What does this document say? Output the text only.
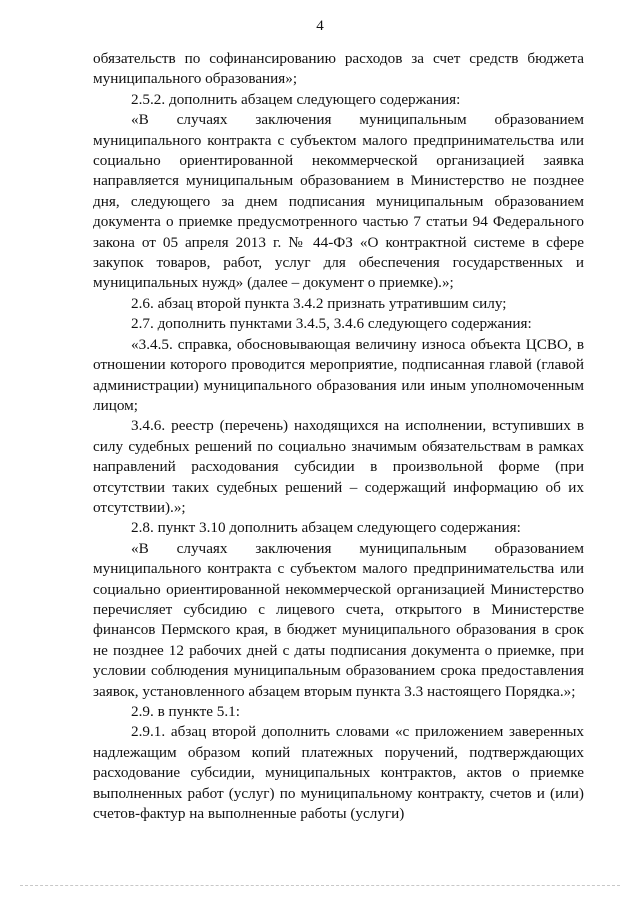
4

обязательств по софинансированию расходов за счет средств бюджета муниципального образования»;

2.5.2. дополнить абзацем следующего содержания:

«В случаях заключения муниципальным образованием муниципального контракта с субъектом малого предпринимательства или социально ориентированной некоммерческой организацией заявка направляется муниципальным образованием в Министерство не позднее дня, следующего за днем подписания муниципальным образованием документа о приемке предусмотренного частью 7 статьи 94 Федерального закона от 05 апреля 2013 г. № 44-ФЗ «О контрактной системе в сфере закупок товаров, работ, услуг для обеспечения государственных и муниципальных нужд» (далее – документ о приемке).»;

2.6. абзац второй пункта 3.4.2 признать утратившим силу;

2.7. дополнить пунктами 3.4.5, 3.4.6 следующего содержания:

«3.4.5. справка, обосновывающая величину износа объекта ЦСВО, в отношении которого проводится мероприятие, подписанная главой (главой администрации) муниципального образования или иным уполномоченным лицом;

3.4.6. реестр (перечень) находящихся на исполнении, вступивших в силу судебных решений по социально значимым обязательствам в рамках направлений расходования субсидии в произвольной форме (при отсутствии таких судебных решений – содержащий информацию об их отсутствии).»;

2.8. пункт 3.10 дополнить абзацем следующего содержания:

«В случаях заключения муниципальным образованием муниципального контракта с субъектом малого предпринимательства или социально ориентированной некоммерческой организацией Министерство перечисляет субсидию с лицевого счета, открытого в Министерстве финансов Пермского края, в бюджет муниципального образования в срок не позднее 12 рабочих дней с даты подписания документа о приемке, при условии соблюдения муниципальным образованием срока предоставления заявок, установленного абзацем вторым пункта 3.3 настоящего Порядка.»;

2.9. в пункте 5.1:

2.9.1. абзац второй дополнить словами «с приложением заверенных надлежащим образом копий платежных поручений, подтверждающих расходование субсидии, муниципальных контрактов, актов о приемке выполненных работ (услуг) по муниципальному контракту, счетов и (или) счетов-фактур на выполненные работы (услуги)
